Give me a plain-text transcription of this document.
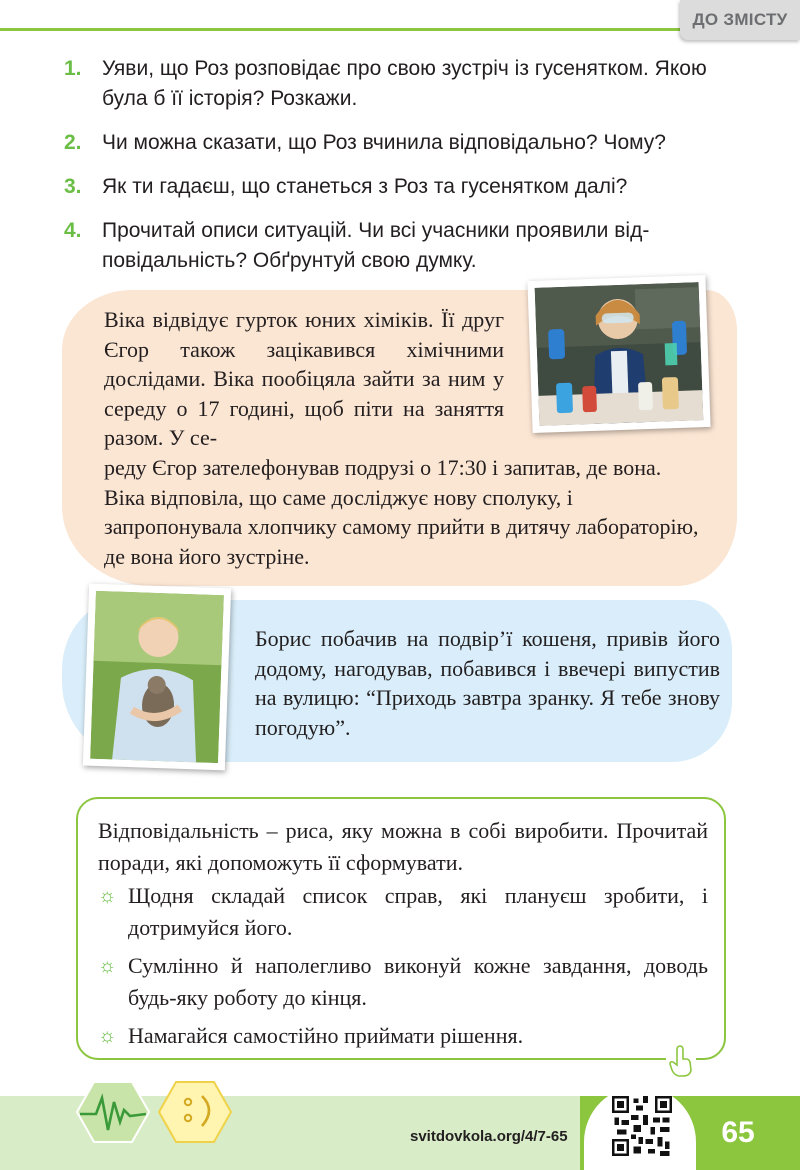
ДО ЗМІСТУ
1. Уяви, що Роз розповідає про свою зустріч із гусенятком. Якою була б її історія? Розкажи.
2. Чи можна сказати, що Роз вчинила відповідально? Чому?
3. Як ти гадаєш, що станеться з Роз та гусенятком далі?
4. Прочитай описи ситуацій. Чи всі учасники проявили відповідальність? Обґрунтуй свою думку.
Віка відвідує гурток юних хіміків. Її друг Єгор також зацікавився хімічними дослідами. Віка пообіцяла зайти за ним у середу о 17 годині, щоб піти на заняття разом. У се-
реду Єгор зателефонував подрузі о 17:30 і запитав, де вона. Віка відповіла, що саме досліджує нову сполуку, і запропонувала хлопчику самому прийти в дитячу лабораторію, де вона його зустріне.
Борис побачив на подвір’ї кошеня, привів його додому, нагодував, побавився і ввечері випустив на вулицю: “Приходь завтра зранку. Я тебе знову погодую”.
Відповідальність – риса, яку можна в собі виробити. Прочитай поради, які допоможуть її сформувати.
☼ Щодня складай список справ, які плануєш зробити, і дотримуйся його.
☼ Сумлінно й наполегливо виконуй кожне завдання, доводь будь-яку роботу до кінця.
☼ Намагайся самостійно приймати рішення.
svitdovkola.org/4/7-65	65
